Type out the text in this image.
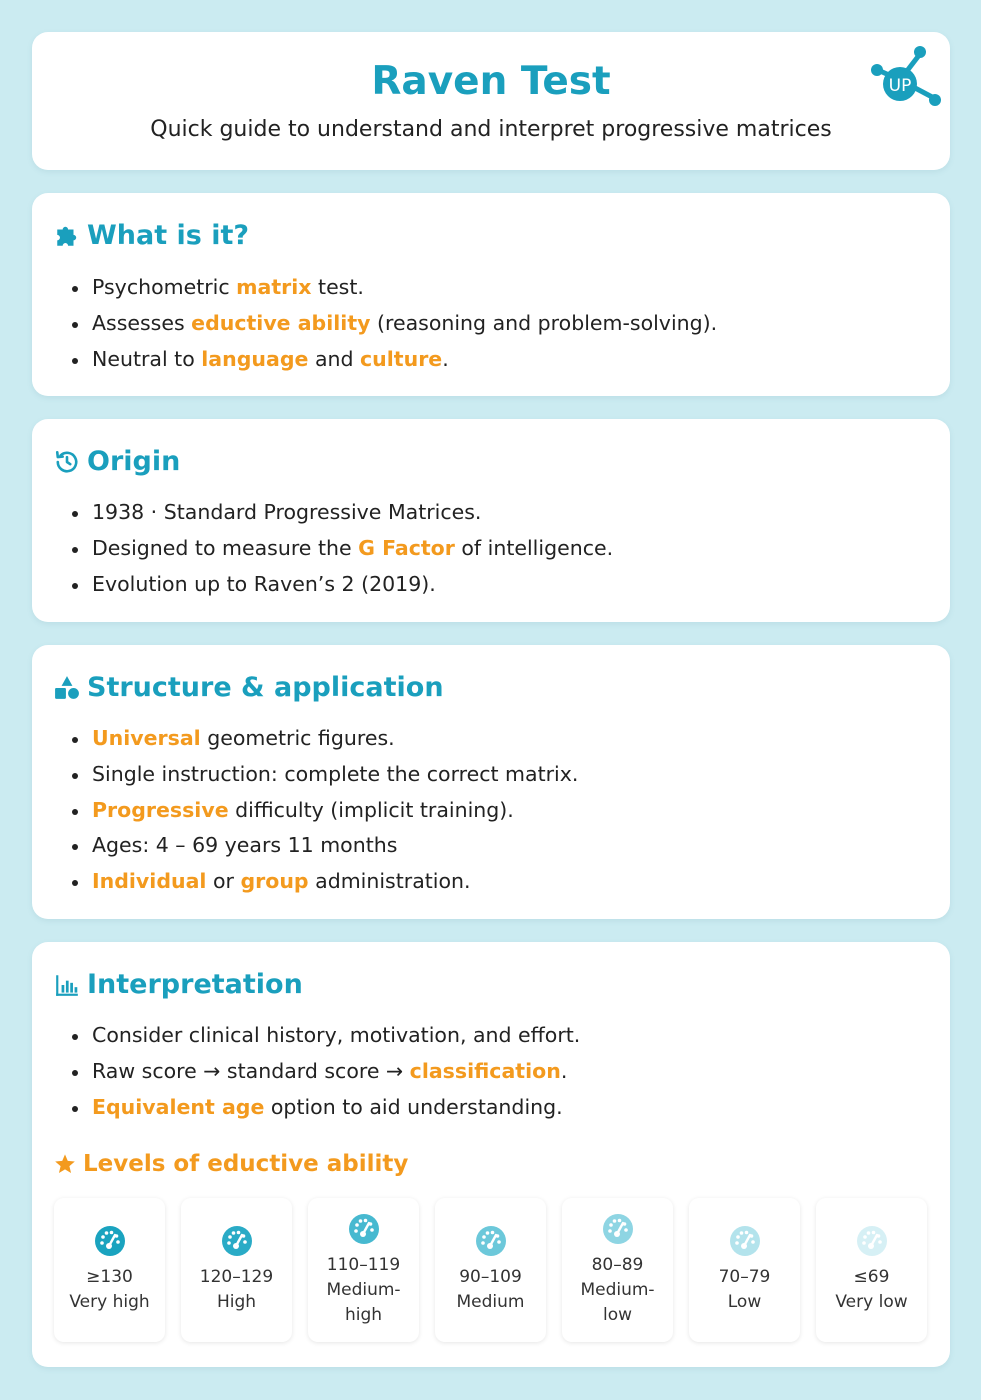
Raven Test
Quick guide to understand and interpret progressive matrices
UP
What is it?
Psychometric matrix test.
Assesses eductive ability (reasoning and problem-solving).
Neutral to language and culture.
Origin
1938 · Standard Progressive Matrices.
Designed to measure the G Factor of intelligence.
Evolution up to Raven’s 2 (2019).
Structure & application
Universal geometric figures.
Single instruction: complete the correct matrix.
Progressive difficulty (implicit training).
Ages: 4 – 69 years 11 months
Individual or group administration.
Interpretation
Consider clinical history, motivation, and effort.
Raw score → standard score → classification.
Equivalent age option to aid understanding.
Levels of eductive ability
≥130
Very high
120–129
High
110–119
Medium-
high
90–109
Medium
80–89
Medium-
low
70–79
Low
≤69
Very low
